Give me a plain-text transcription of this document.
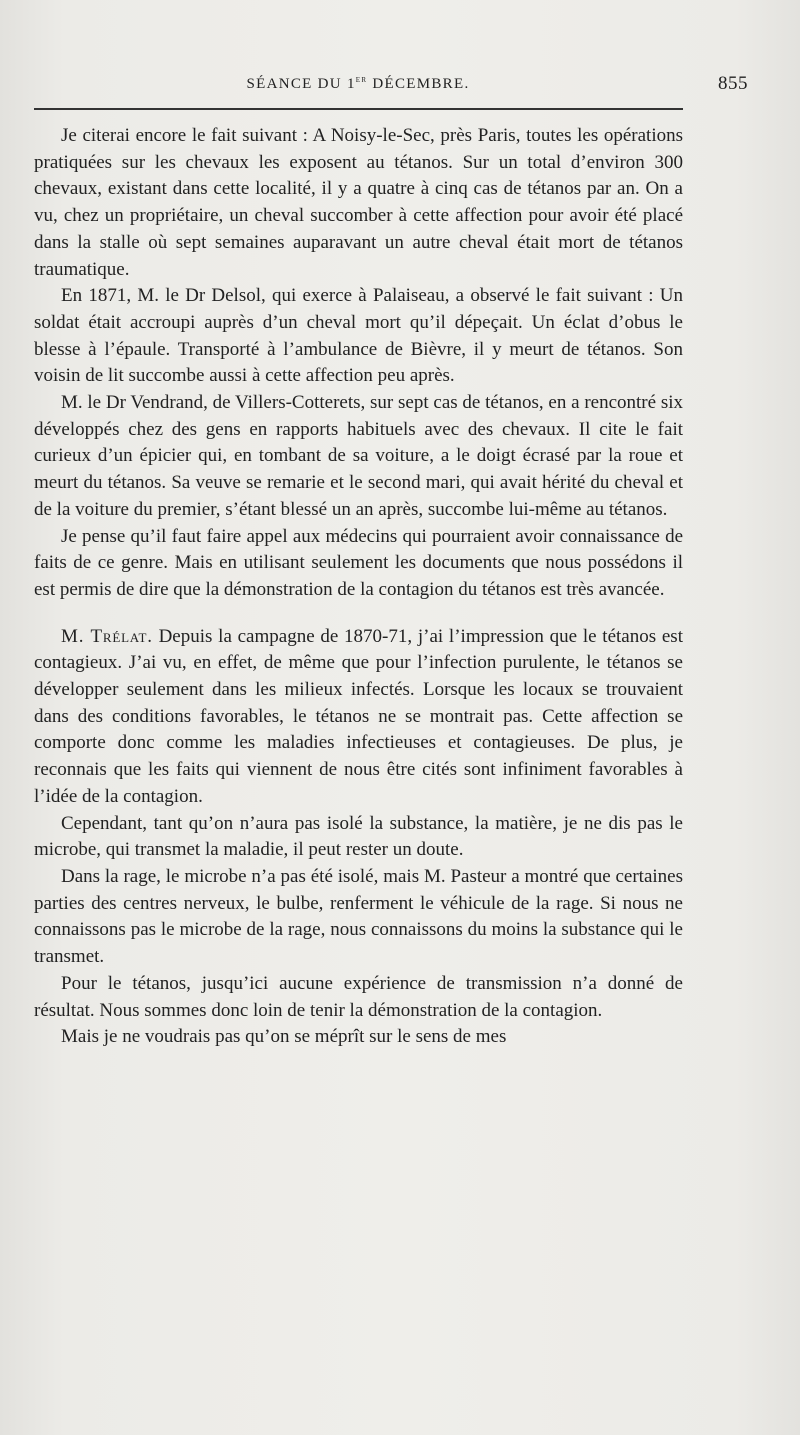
SÉANCE DU 1er DÉCEMBRE.	855

Je citerai encore le fait suivant : A Noisy-le-Sec, près Paris, toutes les opérations pratiquées sur les chevaux les exposent au tétanos. Sur un total d’environ 300 chevaux, existant dans cette localité, il y a quatre à cinq cas de tétanos par an. On a vu, chez un propriétaire, un cheval succomber à cette affection pour avoir été placé dans la stalle où sept semaines auparavant un autre cheval était mort de tétanos traumatique.

En 1871, M. le Dr Delsol, qui exerce à Palaiseau, a observé le fait suivant : Un soldat était accroupi auprès d’un cheval mort qu’il dépeçait. Un éclat d’obus le blesse à l’épaule. Transporté à l’ambulance de Bièvre, il y meurt de tétanos. Son voisin de lit succombe aussi à cette affection peu après.

M. le Dr Vendrand, de Villers-Cotterets, sur sept cas de tétanos, en a rencontré six développés chez des gens en rapports habituels avec des chevaux. Il cite le fait curieux d’un épicier qui, en tombant de sa voiture, a le doigt écrasé par la roue et meurt du tétanos. Sa veuve se remarie et le second mari, qui avait hérité du cheval et de la voiture du premier, s’étant blessé un an après, succombe lui-même au tétanos.

Je pense qu’il faut faire appel aux médecins qui pourraient avoir connaissance de faits de ce genre. Mais en utilisant seulement les documents que nous possédons il est permis de dire que la démonstration de la contagion du tétanos est très avancée.

M. Trélat. Depuis la campagne de 1870-71, j’ai l’impression que le tétanos est contagieux. J’ai vu, en effet, de même que pour l’infection purulente, le tétanos se développer seulement dans les milieux infectés. Lorsque les locaux se trouvaient dans des conditions favorables, le tétanos ne se montrait pas. Cette affection se comporte donc comme les maladies infectieuses et contagieuses. De plus, je reconnais que les faits qui viennent de nous être cités sont infiniment favorables à l’idée de la contagion.

Cependant, tant qu’on n’aura pas isolé la substance, la matière, je ne dis pas le microbe, qui transmet la maladie, il peut rester un doute.

Dans la rage, le microbe n’a pas été isolé, mais M. Pasteur a montré que certaines parties des centres nerveux, le bulbe, renferment le véhicule de la rage. Si nous ne connaissons pas le microbe de la rage, nous connaissons du moins la substance qui le transmet.

Pour le tétanos, jusqu’ici aucune expérience de transmission n’a donné de résultat. Nous sommes donc loin de tenir la démonstration de la contagion.

Mais je ne voudrais pas qu’on se méprît sur le sens de mes
